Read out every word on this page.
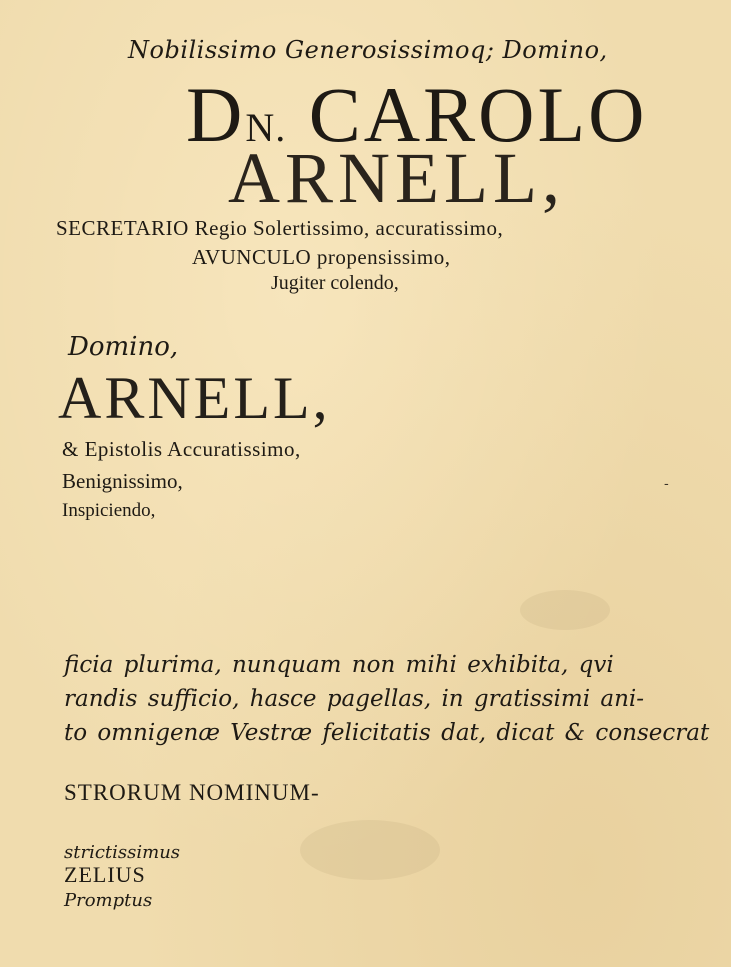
Nobilissimo Generosissimoq; Domino,

DN. CAROLO

ARNELL,

SECRETARIO Regio Solertissimo, accuratissimo,

AVUNCULO propensissimo,

Jugiter colendo,

Domino,

ARNELL,

& Epistolis Accuratissimo,

Benignissimo,

Inspiciendo,

-

ficia plurima, nunquam non mihi exhibita, qvi

randis sufficio, hasce pagellas, in gratissimi ani-

to omnigenæ Vestræ felicitatis dat, dicat & consecrat

STRORUM NOMINUM-

strictissimus

ZELIUS

Promptus
